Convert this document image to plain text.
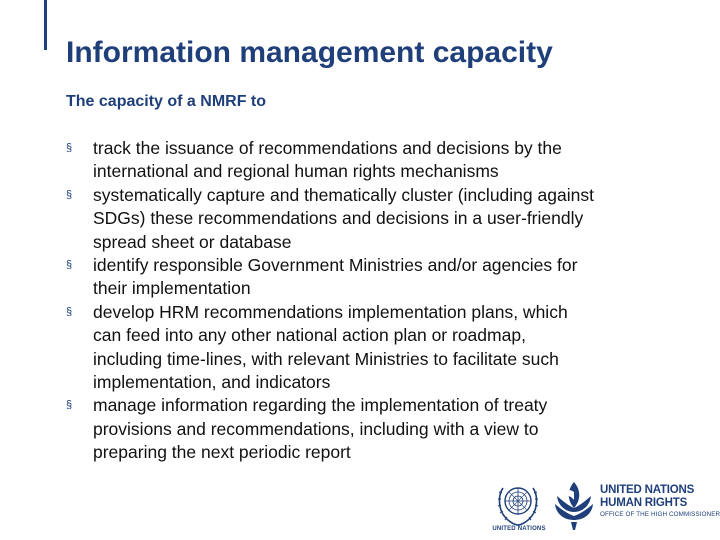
Information management capacity
The capacity of a NMRF to
§ track the issuance of recommendations and decisions by the
international and regional human rights mechanisms
§ systematically capture and thematically cluster (including against
SDGs) these recommendations and decisions in a user-friendly
spread sheet or database
§ identify responsible Government Ministries and/or agencies for
their implementation
§ develop HRM recommendations implementation plans, which
can feed into any other national action plan or roadmap,
including time-lines, with relevant Ministries to facilitate such
implementation, and indicators
§ manage information regarding the implementation of treaty
provisions and recommendations, including with a view to
preparing the next periodic report
UNITED NATIONS
UNITED NATIONS
HUMAN RIGHTS
OFFICE OF THE HIGH COMMISSIONER
